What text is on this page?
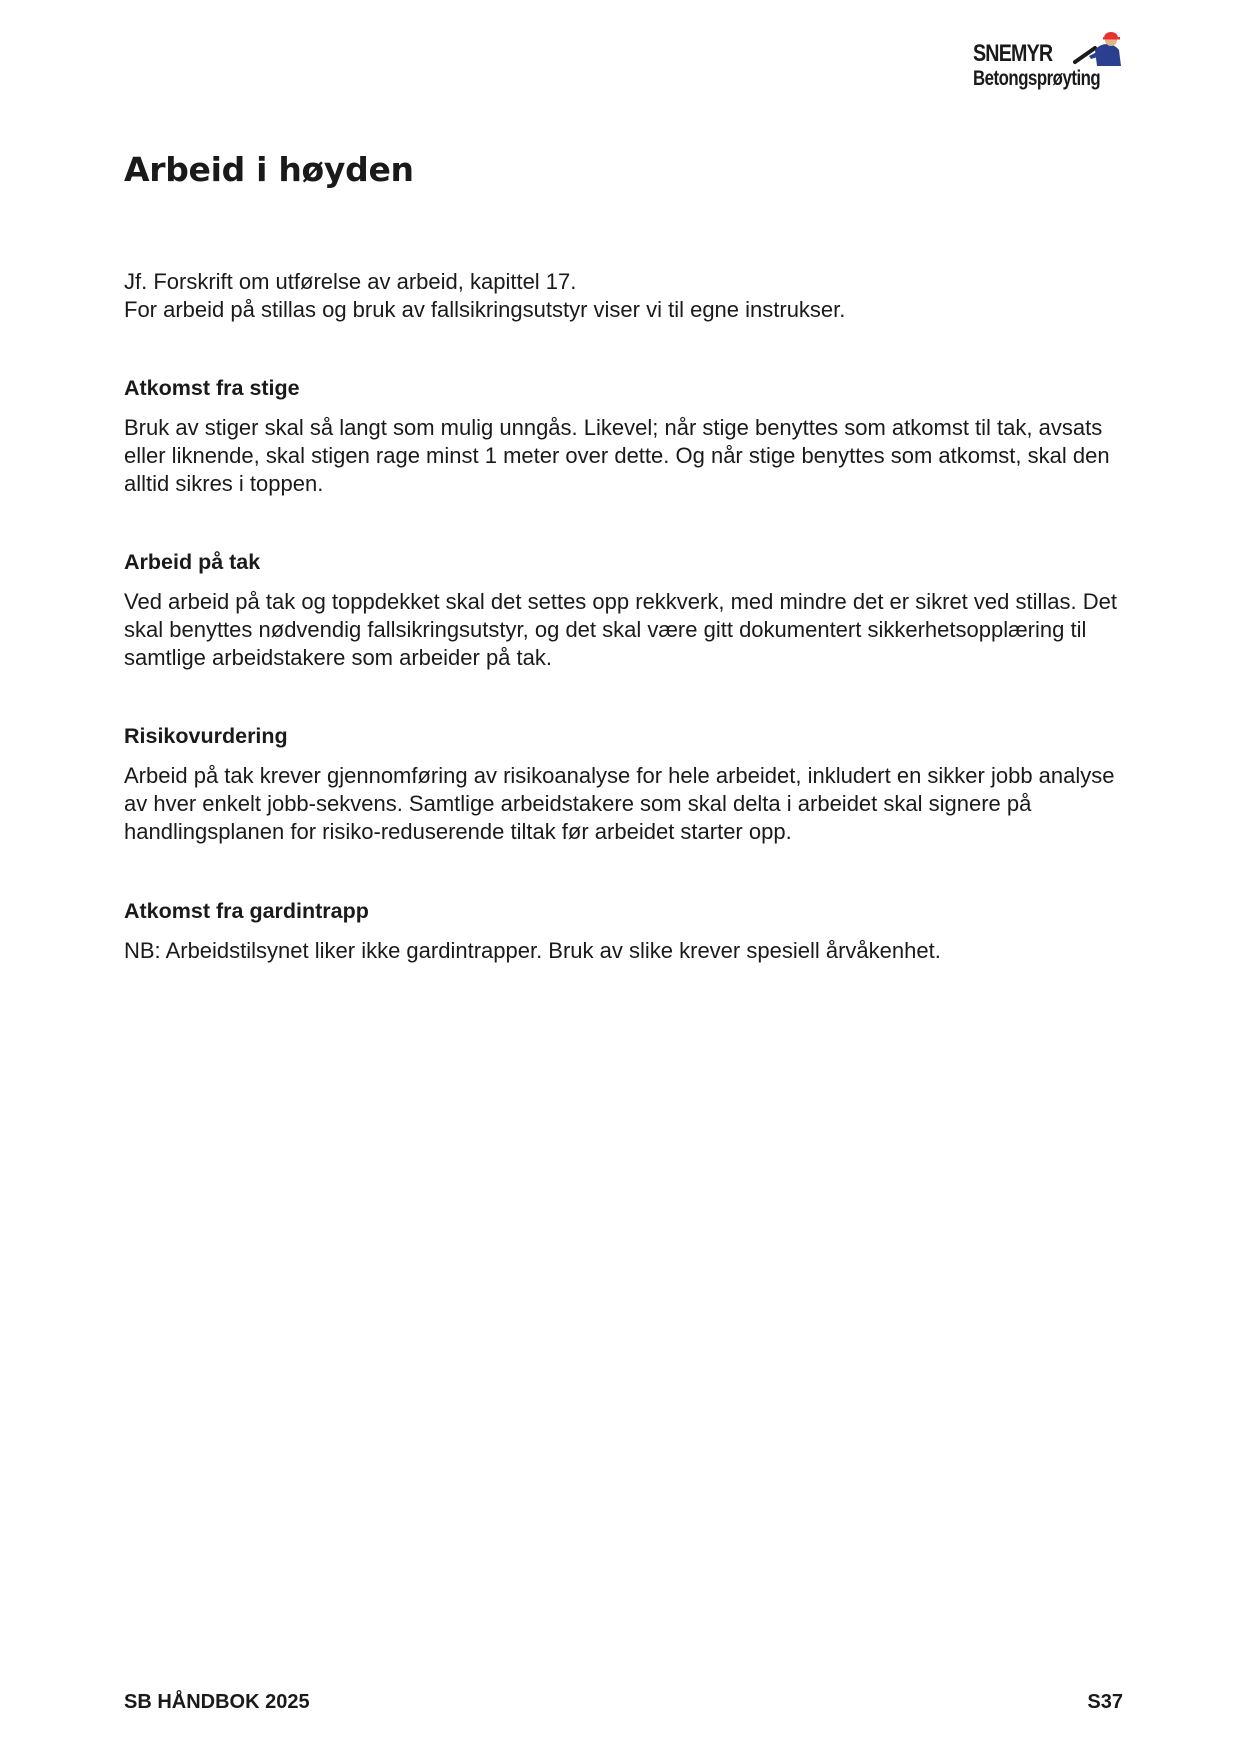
SNEMYR
Betongsprøyting
Arbeid i høyden

Jf. Forskrift om utførelse av arbeid, kapittel 17.

For arbeid på stillas og bruk av fallsikringsutstyr viser vi til egne instrukser.

Atkomst fra stige

Bruk av stiger skal så langt som mulig unngås. Likevel; når stige benyttes som atkomst til tak, avsats eller liknende, skal stigen rage minst 1 meter over dette. Og når stige benyttes som atkomst, skal den alltid sikres i toppen.

Arbeid på tak

Ved arbeid på tak og toppdekket skal det settes opp rekkverk, med mindre det er sikret ved stillas. Det skal benyttes nødvendig fallsikringsutstyr, og det skal være gitt dokumentert sikkerhetsopplæring til samtlige arbeidstakere som arbeider på tak.

Risikovurdering

Arbeid på tak krever gjennomføring av risikoanalyse for hele arbeidet, inkludert en sikker jobb analyse av hver enkelt jobb-sekvens. Samtlige arbeidstakere som skal delta i arbeidet skal signere på handlingsplanen for risiko-reduserende tiltak før arbeidet starter opp.

Atkomst fra gardintrapp

NB: Arbeidstilsynet liker ikke gardintrapper. Bruk av slike krever spesiell årvåkenhet.

SB HÅNDBOK 2025	S37
